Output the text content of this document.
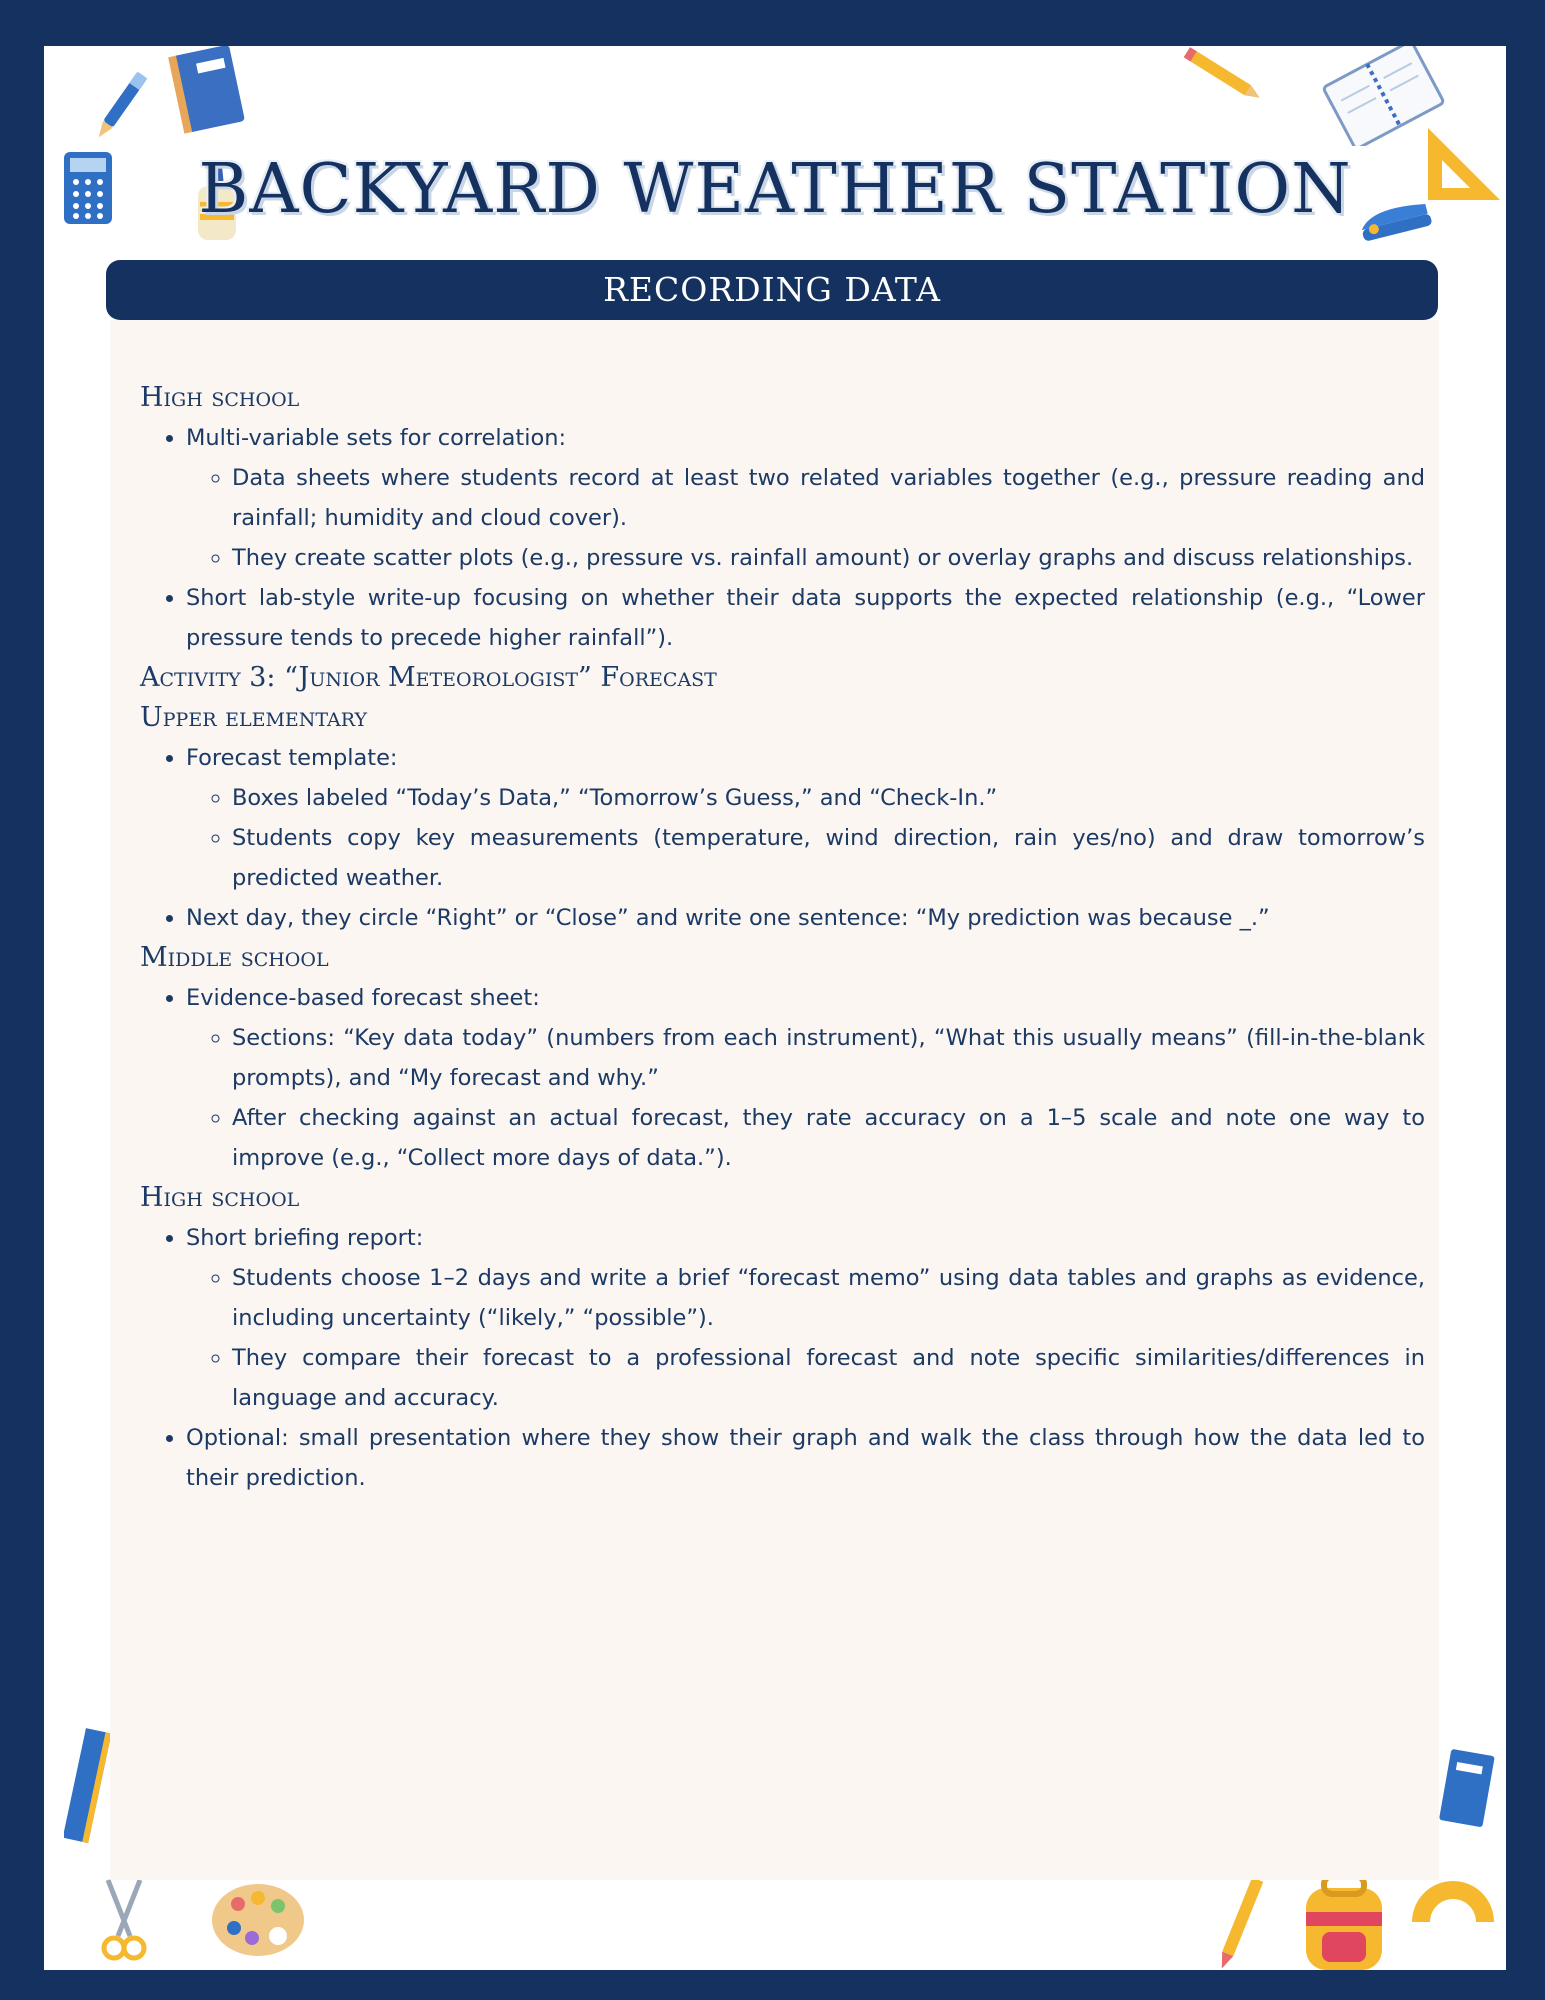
BACKYARD WEATHER STATION
RECORDING DATA
High school
• Multi-variable sets for correlation:
◦ Data sheets where students record at least two related variables together (e.g., pressure reading and rainfall; humidity and cloud cover).
◦ They create scatter plots (e.g., pressure vs. rainfall amount) or overlay graphs and discuss relationships.
• Short lab-style write-up focusing on whether their data supports the expected relationship (e.g., “Lower pressure tends to precede higher rainfall”).
Activity 3: “Junior Meteorologist” Forecast
Upper elementary
• Forecast template:
◦ Boxes labeled “Today’s Data,” “Tomorrow’s Guess,” and “Check-In.”
◦ Students copy key measurements (temperature, wind direction, rain yes/no) and draw tomorrow’s predicted weather.
• Next day, they circle “Right” or “Close” and write one sentence: “My prediction was because _.”
Middle school
• Evidence-based forecast sheet:
◦ Sections: “Key data today” (numbers from each instrument), “What this usually means” (fill-in-the-blank prompts), and “My forecast and why.”
◦ After checking against an actual forecast, they rate accuracy on a 1–5 scale and note one way to improve (e.g., “Collect more days of data.”).
High school
• Short briefing report:
◦ Students choose 1–2 days and write a brief “forecast memo” using data tables and graphs as evidence, including uncertainty (“likely,” “possible”).
◦ They compare their forecast to a professional forecast and note specific similarities/differences in language and accuracy.
• Optional: small presentation where they show their graph and walk the class through how the data led to their prediction.
